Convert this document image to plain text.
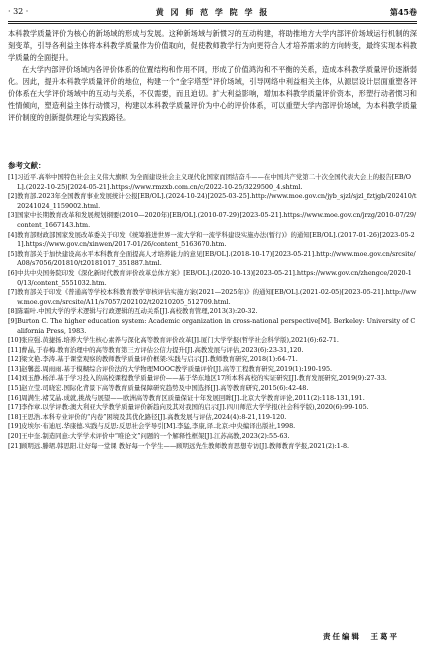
· 32 ·	黄 冈 师 范 学 院 学 报	第45卷

本科教学质量评价为核心的新场域的形成与发展。这种新场域与新惯习的互动构建，将助推地方大学内部评价场域运行机制的深刻变革，引导各利益主体将本科教学质量作为价值取向，促使教师教学行为向更符合人才培养需求的方向转变，最终实现本科教学质量的全面提升。

在大学内部评价场域内各评价体系的位置结构和作用不同，形成了价值鸿沟和不平衡的关系，造成本科教学质量评价逐渐弱化。因此，提升本科教学质量评价的地位，构建一个“金字塔型”评价场域，引导网络中利益相关主体，从源层设计层面重塑各评价体系在大学评价场域中的互动与关系，不仅需要，而且迫切。扩大利益影响，增加本科教学质量评价资本，形塑行动者惯习和性情倾向，塑造利益主体行动惯习，构建以本科教学质量评价为中心的评价体系，可以重塑大学内部评价场域，为本科教学质量评价制度的创新提供理论与实践路径。

参考文献：
[1] 习近平.高举中国特色社会主义伟大旗帜 为全面建设社会主义现代化国家而团结奋斗——在中国共产党第二十次全国代表大会上的报告[EB/OL].(2022-10-25)[2024-05-21].https://www.rmzxb.com.cn/c/2022-10-25/3229500_4.shtml.
[2] 教育部.2023年全国教育事业发展统计公报[EB/OL].(2024-10-24)[2025-03-25].http://www.moe.gov.cn/jyb_sjzl/sjzl_fztjgb/202410/t20241024_1159002.html.
[3] 国家中长期教育改革和发展规划纲要(2010—2020年)[EB/OL].(2010-07-29)[2023-05-21].https://www.moe.gov.cn/jrzg/2010-07/29/content_1667143.htm.
[4] 教育部财政部国家发展改革委关于印发《统筹推进世界一流大学和一流学科建设实施办法(暂行)》的通知[EB/OL].(2017-01-26)[2023-05-21].https://www.gov.cn/xinwen/2017-01/26/content_5163670.htm.
[5] 教育部关于加快建设高水平本科教育全面提高人才培养能力的意见[EB/OL].(2018-10-17)[2023-05-21].http://www.moe.gov.cn/srcsite/A08/s7056/201810/t20181017_351887.html.
[6] 中共中央国务院印发《深化新时代教育评价改革总体方案》[EB/OL].(2020-10-13)[2023-05-21].https://www.gov.cn/zhengce/2020-10/13/content_5551032.htm.
[7] 教育部关于印发《普通高等学校本科教育教学审核评估实施方案(2021—2025年)》的通知[EB/OL].(2021-02-05)[2023-05-21].http://www.moe.gov.cn/srcsite/A11/s7057/202102/t20210205_512709.html.
[8] 陈霜叶.中国大学的学术逻辑与行政逻辑的互动关系[J].高校教育管理,2013(3):20-32.
[9] Burton C. The higher education system: Academic organization in cross-national perspective[M]. Berkeley: University of California Press, 1983.
[10] 张应强.黄捷扬.培养大学生核心素养与深化高等教育评价改革[J].厦门大学学报(哲学社会科学版),2021(6):62-71.
[11] 曹晶,于春梅.教育治理中的高等教育第三方评估公信力提升[J].高教发展与评估,2023(6):23-31,120.
[12] 梁文艳.李涛.基于课堂观察的教师教学质量评价框架:实践与启示[J].教师教育研究,2018(1):64-71.
[13] 赵馨蕊.周雨雨.基于模糊综合评价法的大学物理MOOC教学质量评价[J].高等工程教育研究,2019(1):190-195.
[14] 刘玉静.杨洋.基于学习投入的高校课程教学质量评价——基于华东地区17所本科高校的实证研究[J].教育发展研究,2019(9):27-33.
[15] 赵立莹.司晓宏.国际化背景下高等教育质量保障研究趋势及中国选择[J].高等教育研究,2015(6):42-48.
[16] 周满生.褚艾晶.成就,挑战与展望——欧洲高等教育区质量保证十年发展回眸[J].北京大学教育评论,2011(2):118-131,191.
[17] 李作章.以学评教:澳大利亚大学教学质量评价新趋向及其对我国的启示[J].四川师范大学学报(社会科学版),2020(6):99-105.
[18] 王思浩.本科专业评价的“内卷”困境及其优化路径[J].高教发展与评估,2024(4):8-21,119-120.
[19] 皮埃尔·布迪厄.华康德.实践与反思:反思社会学导引[M].李猛,李康,译.北京:中央编译出版社,1998.
[20] 王中奎.制造同意:大学学术评价中“唯论文”问题的一个解释性框架[J].江苏高教,2023(2):55-63.
[21] 顾明远.滕珺.韩思阳.让好每一堂课 教好每一个学生——顾明远先生教师教育思想专访[J].教师教育学报,2021(2):1-8.
责任编辑　王葛平
